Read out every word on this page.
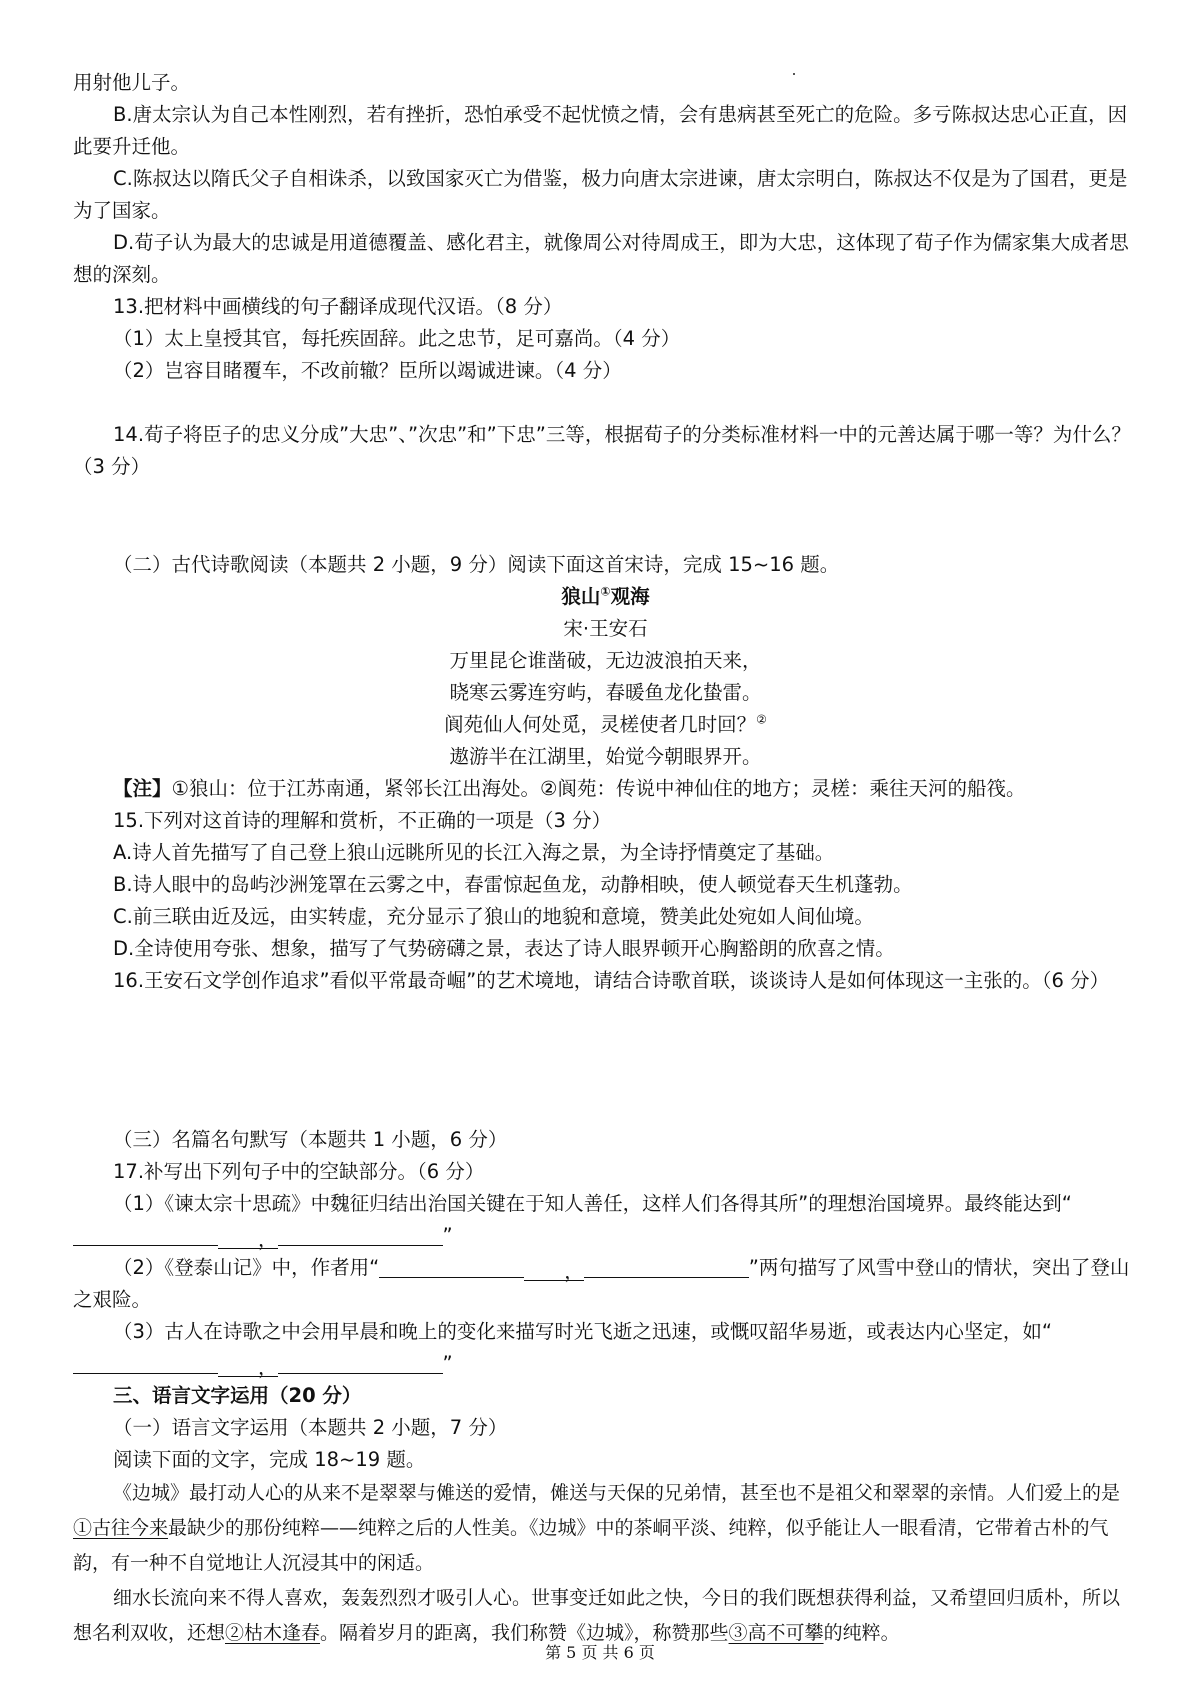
用射他儿子。

B.唐太宗认为自己本性刚烈，若有挫折，恐怕承受不起忧愤之情，会有患病甚至死亡的危险。多亏陈叔达忠心正直，因此要升迁他。

C.陈叔达以隋氏父子自相诛杀，以致国家灭亡为借鉴，极力向唐太宗进谏，唐太宗明白，陈叔达不仅是为了国君，更是为了国家。

D.荀子认为最大的忠诚是用道德覆盖、感化君主，就像周公对待周成王，即为大忠，这体现了荀子作为儒家集大成者思想的深刻。

13.把材料中画横线的句子翻译成现代汉语。（8 分）

（1）太上皇授其官，每托疾固辞。此之忠节，足可嘉尚。（4 分）

（2）岂容目睹覆车，不改前辙？臣所以竭诚进谏。（4 分）

14.荀子将臣子的忠义分成”大忠”、”次忠”和”下忠”三等，根据荀子的分类标准材料一中的元善达属于哪一等？为什么？（3 分）

（二）古代诗歌阅读（本题共 2 小题，9 分）阅读下面这首宋诗，完成 15~16 题。

狼山①观海

宋·王安石

万里昆仑谁凿破，无边波浪拍天来，

晓寒云雾连穷屿，春暖鱼龙化蛰雷。

阆苑仙人何处觅，灵槎使者几时回？②

遨游半在江湖里，始觉今朝眼界开。

【注】①狼山：位于江苏南通，紧邻长江出海处。②阆苑：传说中神仙住的地方；灵槎：乘往天河的船筏。

15.下列对这首诗的理解和赏析，不正确的一项是（3 分）

A.诗人首先描写了自己登上狼山远眺所见的长江入海之景，为全诗抒情奠定了基础。

B.诗人眼中的岛屿沙洲笼罩在云雾之中，春雷惊起鱼龙，动静相映，使人顿觉春天生机蓬勃。

C.前三联由近及远，由实转虚，充分显示了狼山的地貌和意境，赞美此处宛如人间仙境。

D.全诗使用夸张、想象，描写了气势磅礴之景，表达了诗人眼界顿开心胸豁朗的欣喜之情。

16.王安石文学创作追求”看似平常最奇崛”的艺术境地，请结合诗歌首联，谈谈诗人是如何体现这一主张的。（6 分）

（三）名篇名句默写（本题共 1 小题，6 分）

17.补写出下列句子中的空缺部分。（6 分）

（1）《谏太宗十思疏》中魏征归结出治国关键在于知人善任，这样人们各得其所”的理想治国境界。最终能达到“，	”

（2）《登泰山记》中，作者用“	，	”两句描写了风雪中登山的情状，突出了登山之艰险。

（3）古人在诗歌之中会用早晨和晚上的变化来描写时光飞逝之迅速，或慨叹韶华易逝，或表达内心坚定，如“，	”

三、语言文字运用（20 分）

（一）语言文字运用（本题共 2 小题，7 分）

阅读下面的文字，完成 18~19 题。

《边城》最打动人心的从来不是翠翠与傩送的爱情，傩送与天保的兄弟情，甚至也不是祖父和翠翠的亲情。人们爱上的是①古往今来最缺少的那份纯粹——纯粹之后的人性美。《边城》中的茶峒平淡、纯粹，似乎能让人一眼看清，它带着古朴的气韵，有一种不自觉地让人沉浸其中的闲适。

细水长流向来不得人喜欢，轰轰烈烈才吸引人心。世事变迁如此之快，今日的我们既想获得利益，又希望回归质朴，所以想名利双收，还想②枯木逢春。隔着岁月的距离，我们称赞《边城》，称赞那些③高不可攀的纯粹。

第 5 页 共 6 页
